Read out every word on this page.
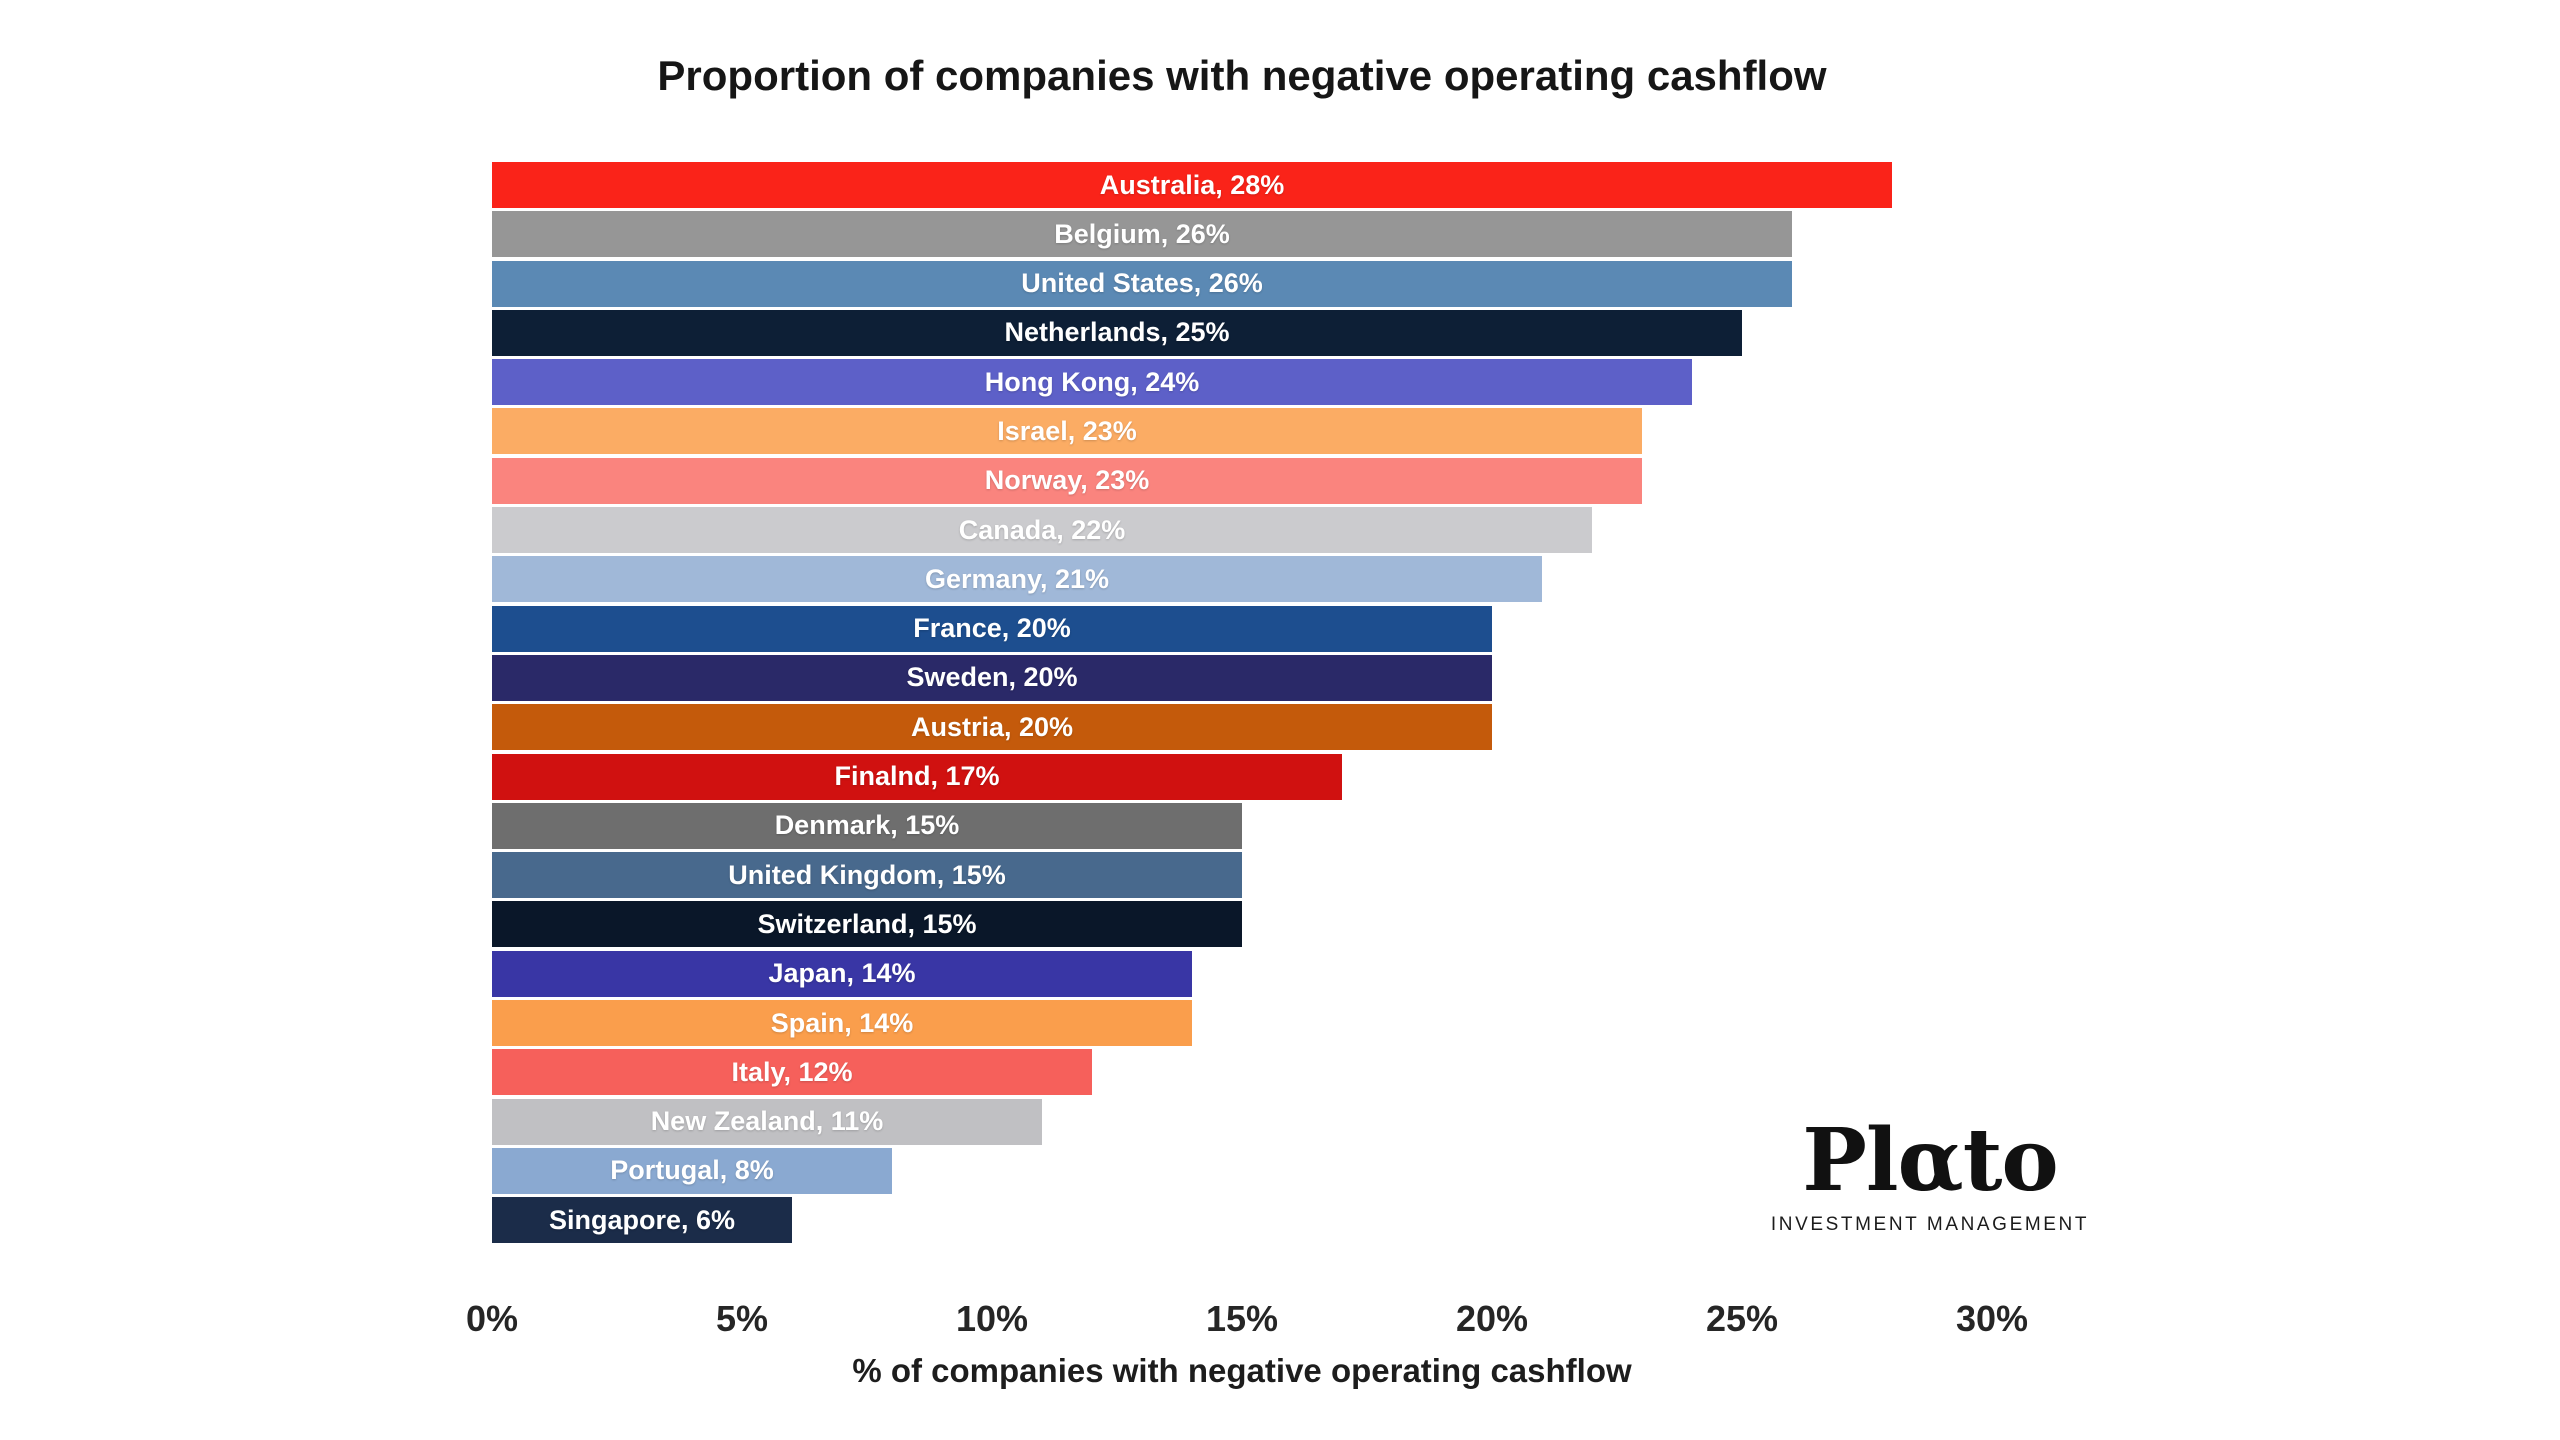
Proportion of companies with negative operating cashflow
Australia, 28%
Belgium, 26%
United States, 26%
Netherlands, 25%
Hong Kong, 24%
Israel, 23%
Norway, 23%
Canada, 22%
Germany, 21%
France, 20%
Sweden, 20%
Austria, 20%
Finalnd, 17%
Denmark, 15%
United Kingdom, 15%
Switzerland, 15%
Japan, 14%
Spain, 14%
Italy, 12%
New Zealand, 11%
Portugal, 8%
Singapore, 6%
0%	5%	10%	15%	20%	25%	30%
% of companies with negative operating cashflow
Plαto
INVESTMENT MANAGEMENT
